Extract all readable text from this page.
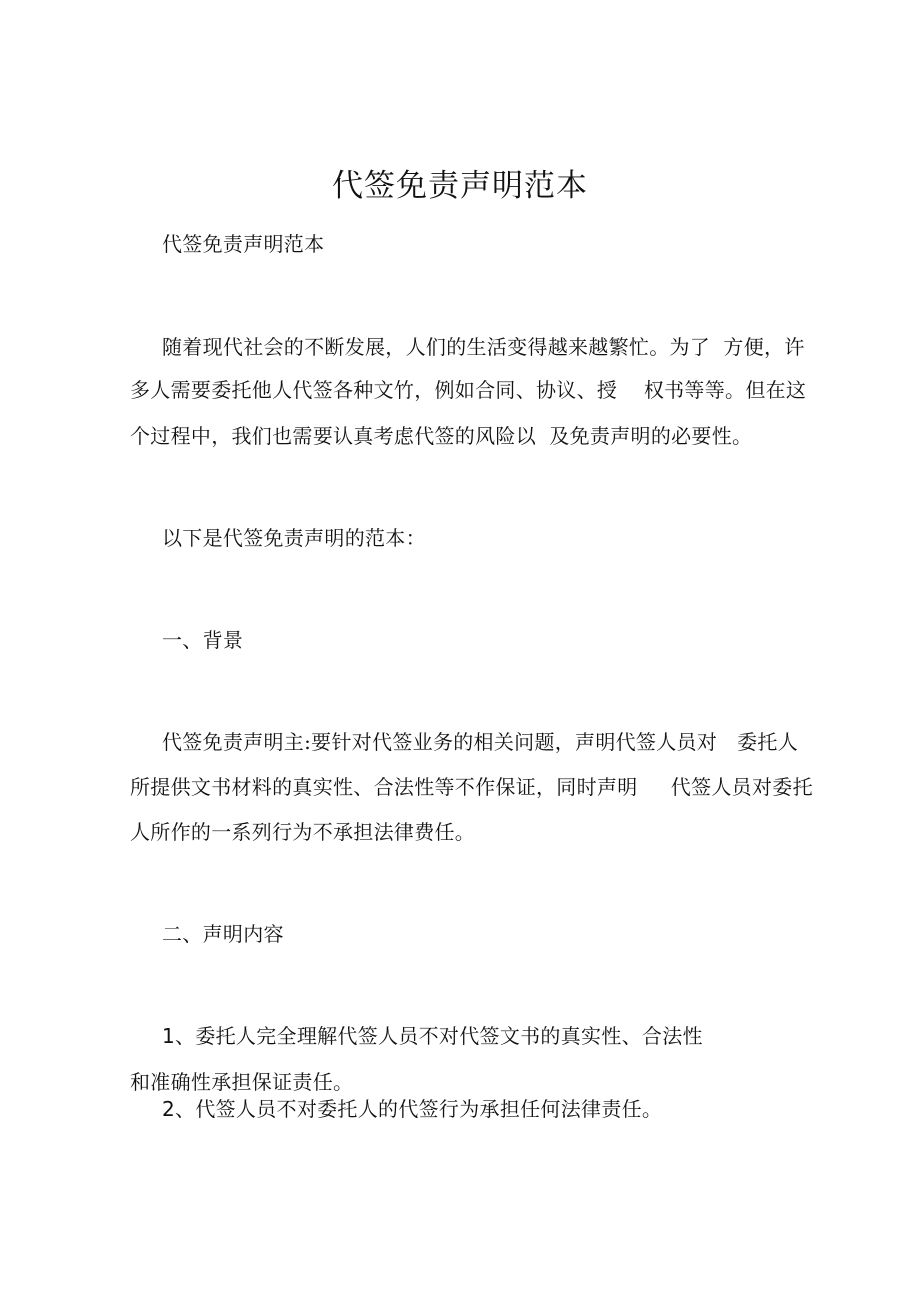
代签免责声明范本

代签免责声明范本

随着现代社会的不断发展，人们的生活变得越来越繁忙。为了  方便，许

多人需要委托他人代签各种文竹，例如合同、协议、授    权书等等。但在这

个过程中，我们也需要认真考虑代签的风险以  及免责声明的必要性。

以下是代签免责声明的范本：

一、背景

代签免责声明主:要针对代签业务的相关问题，声明代签人员对   委托人

所提供文书材料的真实性、合法性等不作保证，同时声明     代签人员对委托

人所作的一系列行为不承担法律费任。

二、声明内容

1、委托人完全理解代签人员不对代签文书的真实性、合法性

和准确性承担保证责任。

2、代签人员不对委托人的代签行为承担任何法律责任。
